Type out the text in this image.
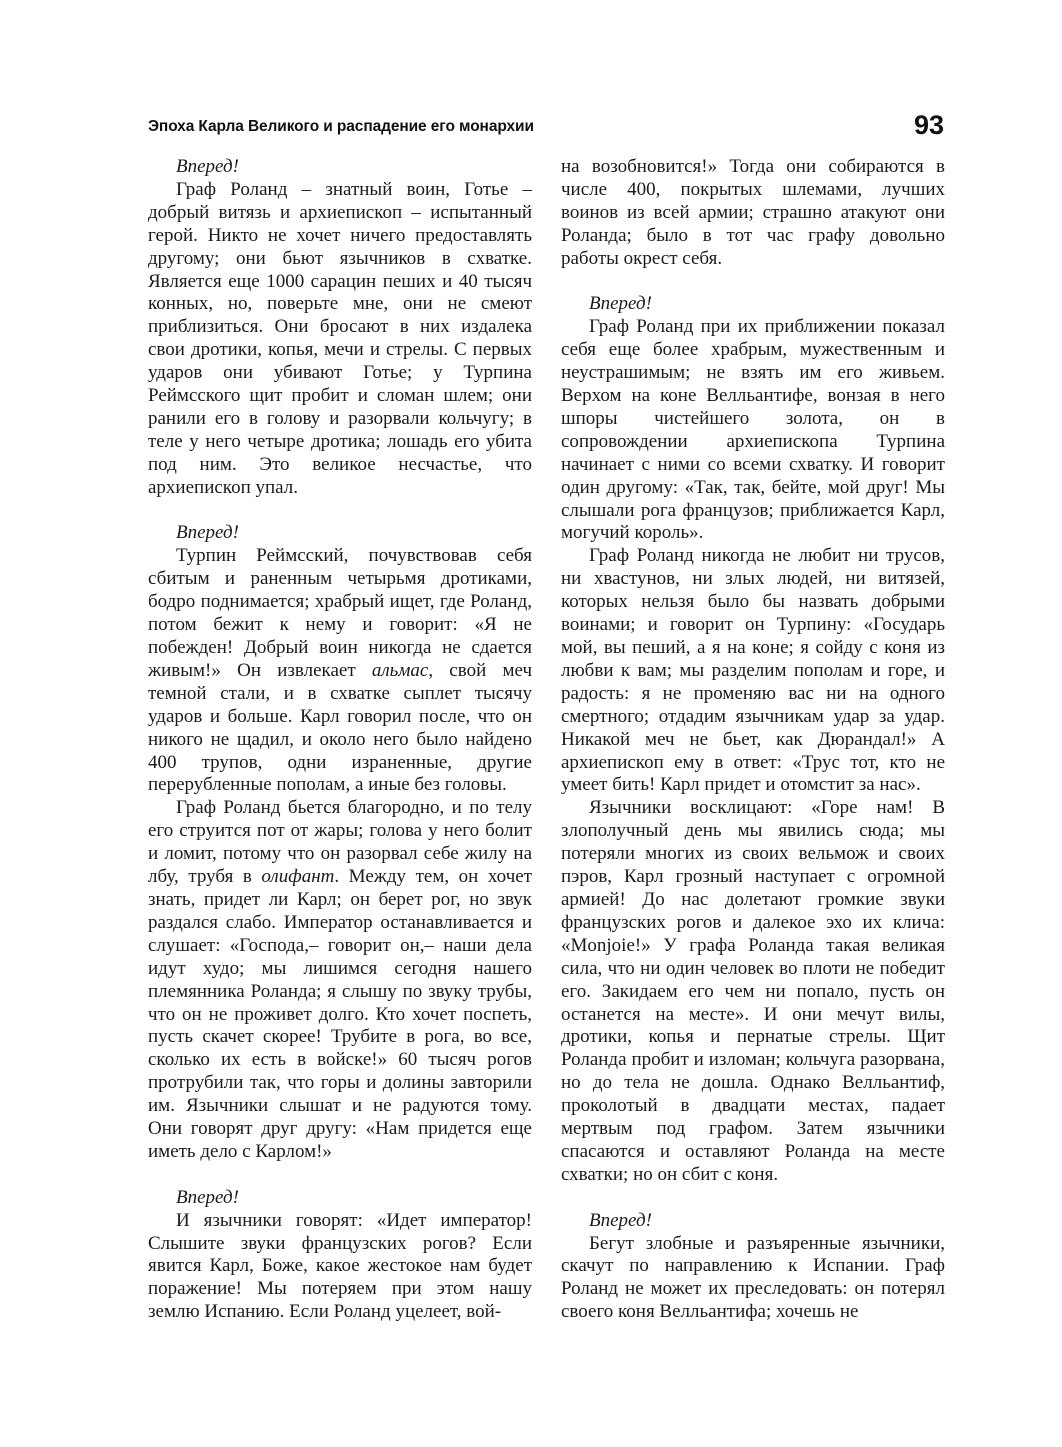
Эпоха Карла Великого и распадение его монархии	93
Вперед!

Граф Роланд – знатный воин, Готье – добрый витязь и архиепископ – испытанный герой. Никто не хочет ничего предоставлять другому; они бьют язычников в схватке. Является еще 1000 сарацин пеших и 40 тысяч конных, но, поверьте мне, они не смеют приблизиться. Они бросают в них издалека свои дротики, копья, мечи и стрелы. С первых ударов они убивают Готье; у Турпина Реймсского щит пробит и сломан шлем; они ранили его в голову и разорвали кольчугу; в теле у него четыре дротика; лошадь его убита под ним. Это великое несчастье, что архиепископ упал.

Вперед!

Турпин Реймсский, почувствовав себя сбитым и раненным четырьмя дротиками, бодро поднимается; храбрый ищет, где Роланд, потом бежит к нему и говорит: «Я не побежден! Добрый воин никогда не сдается живым!» Он извлекает альмас, свой меч темной стали, и в схватке сыплет тысячу ударов и больше. Карл говорил после, что он никого не щадил, и около него было найдено 400 трупов, одни израненные, другие перерубленные пополам, а иные без головы.

Граф Роланд бьется благородно, и по телу его струится пот от жары; голова у него болит и ломит, потому что он разорвал себе жилу на лбу, трубя в олифант. Между тем, он хочет знать, придет ли Карл; он берет рог, но звук раздался слабо. Император останавливается и слушает: «Господа,– говорит он,– наши дела идут худо; мы лишимся сегодня нашего племянника Роланда; я слышу по звуку трубы, что он не проживет долго. Кто хочет поспеть, пусть скачет скорее! Трубите в рога, во все, сколько их есть в войске!» 60 тысяч рогов протрубили так, что горы и долины завторили им. Язычники слышат и не радуются тому. Они говорят друг другу: «Нам придется еще иметь дело с Карлом!»

Вперед!

И язычники говорят: «Идет император! Слышите звуки французских рогов? Если явится Карл, Боже, какое жестокое нам будет поражение! Мы потеряем при этом нашу землю Испанию. Если Роланд уцелеет, вой-

на возобновится!» Тогда они собираются в числе 400, покрытых шлемами, лучших воинов из всей армии; страшно атакуют они Роланда; было в тот час графу довольно работы окрест себя.

Вперед!

Граф Роланд при их приближении показал себя еще более храбрым, мужественным и неустрашимым; не взять им его живьем. Верхом на коне Велльантифе, вонзая в него шпоры чистейшего золота, он в сопровождении архиепископа Турпина начинает с ними со всеми схватку. И говорит один другому: «Так, так, бейте, мой друг! Мы слышали рога французов; приближается Карл, могучий король».

Граф Роланд никогда не любит ни трусов, ни хвастунов, ни злых людей, ни витязей, которых нельзя было бы назвать добрыми воинами; и говорит он Турпину: «Государь мой, вы пеший, а я на коне; я сойду с коня из любви к вам; мы разделим пополам и горе, и радость: я не променяю вас ни на одного смертного; отдадим язычникам удар за удар. Никакой меч не бьет, как Дюрандал!» А архиепископ ему в ответ: «Трус тот, кто не умеет бить! Карл придет и отомстит за нас».

Язычники восклицают: «Горе нам! В злополучный день мы явились сюда; мы потеряли многих из своих вельмож и своих пэров, Карл грозный наступает с огромной армией! До нас долетают громкие звуки французских рогов и далекое эхо их клича: «Monjoie!» У графа Роланда такая великая сила, что ни один человек во плоти не победит его. Закидаем его чем ни попало, пусть он останется на месте». И они мечут вилы, дротики, копья и пернатые стрелы. Щит Роланда пробит и изломан; кольчуга разорвана, но до тела не дошла. Однако Велльантиф, проколотый в двадцати местах, падает мертвым под графом. Затем язычники спасаются и оставляют Роланда на месте схватки; но он сбит с коня.

Вперед!

Бегут злобные и разъяренные язычники, скачут по направлению к Испании. Граф Роланд не может их преследовать: он потерял своего коня Велльантифа; хочешь не
